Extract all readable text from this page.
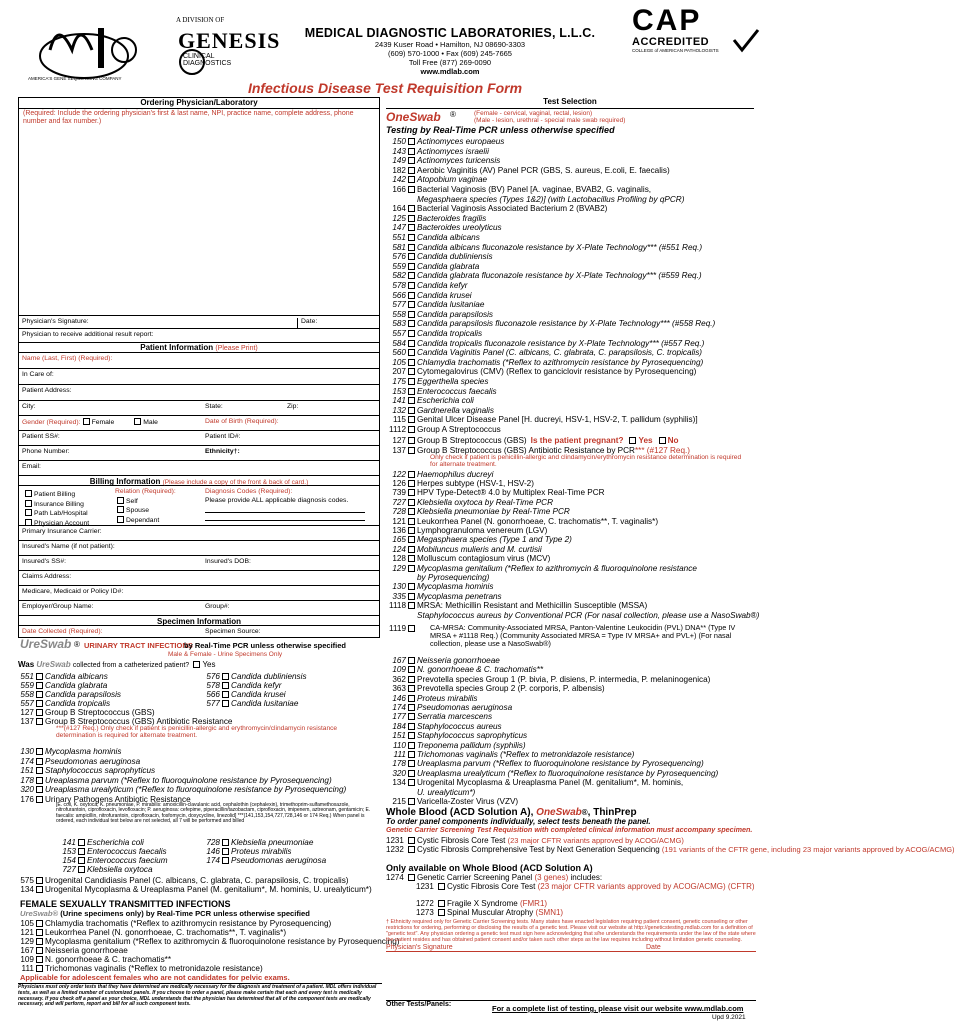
A DIVISION OF
GENESIS
CLINICAL
DIAGNOSTICS
AMERICA'S GENE SEQUENCING COMPANY
MEDICAL DIAGNOSTIC LABORATORIES, L.L.C.
2439 Kuser Road • Hamilton, NJ 08690-3303
(609) 570-1000 • Fax (609) 245-7665
Toll Free (877) 269-0090
www.mdlab.com
CAP
ACCREDITED
COLLEGE of AMERICAN PATHOLOGISTS
Infectious Disease Test Requisition Form
Ordering Physician/Laboratory
(Required: Include the ordering physician's first & last name, NPI, practice name, complete address, phone number and fax number.)
Physician's Signature:	Date:
Physician to receive additional result report:
Patient Information (Please Print)
Name (Last, First) (Required):
In Care of:
Patient Address:
City:	State:	Zip:
Gender (Required): Female	Male	Date of Birth (Required):
Patient SS#:	Patient ID#:
Phone Number:	Ethnicity†:
Email:
Billing Information (Please include a copy of the front & back of card.)
Patient Billing
Insurance Billing
Path Lab/Hospital
Physician Account
Relation (Required):
Self
Spouse
Dependant
Diagnosis Codes (Required):
Please provide ALL applicable diagnosis codes.
Primary Insurance Carrier:
Insured's Name (if not patient):
Insured's SS#:	Insured's DOB:
Claims Address:
Medicare, Medicaid or Policy ID#:
Employer/Group Name:	Group#:
Specimen Information
Date Collected (Required):	Specimen Source:
UreSwab ® URINARY TRACT INFECTIONS
by Real-Time PCR unless otherwise specified
Male & Female - Urine Specimens Only
Was UreSwab collected from a catheterized patient? Yes
551 Candida albicans
559 Candida glabrata
558 Candida parapsilosis
557 Candida tropicalis
127 Group B Streptococcus (GBS)
576 Candida dubliniensis
578 Candida kefyr
566 Candida krusei
577 Candida lusitaniae
137 Group B Streptococcus (GBS) Antibiotic Resistance
***(#127 Req.) Only check if patient is penicillin-allergic and erythromycin/clindamycin resistance determination is required for alternate treatment.
130 Mycoplasma hominis
174 Pseudomonas aeruginosa
151 Staphylococcus saprophyticus
178 Ureaplasma parvum (*Reflex to fluoroquinolone resistance by Pyrosequencing)
320 Ureaplasma urealyticum (*Reflex to fluoroquinolone resistance by Pyrosequencing)
176 Urinary Pathogens Antibiotic Resistance
[E. coli, K. oxytoca, K. pneumoniae, P. mirabilis: amoxicillin-clavulanic acid, cephalothin (cephalexin), trimethoprim-sulfamethoxazole, nitrofurantoin, ciprofloxacin, levofloxacin; P. aeruginosa: cefepime, piperacillin/tazobactam, ciprofloxacin, imipenem, aztreonam, gentamicin; E. faecalis: ampicillin, nitrofurantoin, ciprofloxacin, fosfomycin, doxycycline, linezolid] ***(141,153,154,727,728,146 or 174 Req.) When panel is ordered, each individual test below are not selected, all 7 will be performed and billed
141 Escherichia coli
153 Enterococcus faecalis
154 Enterococcus faecium
727 Klebsiella oxytoca
728 Klebsiella pneumoniae
146 Proteus mirabilis
174 Pseudomonas aeruginosa
575 Urogenital Candidiasis Panel (C. albicans, C. glabrata, C. parapsilosis, C. tropicalis)
134 Urogenital Mycoplasma & Ureaplasma Panel (M. genitalium*, M. hominis, U. urealyticum*)
FEMALE SEXUALLY TRANSMITTED INFECTIONS
UreSwab® (Urine specimens only) by Real-Time PCR unless otherwise specified
105 Chlamydia trachomatis (*Reflex to azithromycin resistance by Pyrosequencing)
121 Leukorrhea Panel (N. gonorrhoeae, C. trachomatis**, T. vaginalis*)
129 Mycoplasma genitalium (*Reflex to azithromycin & fluoroquinolone resistance by Pyrosequencing)
167 Neisseria gonorrhoeae
109 N. gonorrhoeae & C. trachomatis**
111 Trichomonas vaginalis (*Reflex to metronidazole resistance)
Applicable for adolescent females who are not candidates for pelvic exams.
Physicians must only order tests that they have determined are medically necessary for the diagnosis and treatment of a patient. MDL offers individual tests, as well as a limited number of customized panels. If you choose to order a panel, please make certain that each and every test is medically necessary. If you check off a panel as your choice, MDL understands that the physician has determined that all of the component tests are medically necessary, and will perform, report and bill for all such component tests.
Test Selection
OneSwab ®	(Female - cervical, vaginal, rectal, lesion)
(Male - lesion, urethral - special male swab required)
Testing by Real-Time PCR unless otherwise specified
150 Actinomyces europaeus
143 Actinomyces israelii
149 Actinomyces turicensis
182 Aerobic Vaginitis (AV) Panel PCR (GBS, S. aureus, E.coli, E. faecalis)
142 Atopobium vaginae
166 Bacterial Vaginosis (BV) Panel [A. vaginae, BVAB2, G. vaginalis,
Megasphaera species (Types 1&2)] (with Lactobacillus Profiling by qPCR)
164 Bacterial Vaginosis Associated Bacterium 2 (BVAB2)
125 Bacteroides fragilis
147 Bacteroides ureolyticus
551 Candida albicans
581 Candida albicans fluconazole resistance by X-Plate Technology*** (#551 Req.)
576 Candida dubliniensis
559 Candida glabrata
582 Candida glabrata fluconazole resistance by X-Plate Technology*** (#559 Req.)
578 Candida kefyr
566 Candida krusei
577 Candida lusitaniae
558 Candida parapsilosis
583 Candida parapsilosis fluconazole resistance by X-Plate Technology*** (#558 Req.)
557 Candida tropicalis
584 Candida tropicalis fluconazole resistance by X-Plate Technology*** (#557 Req.)
560 Candida Vaginitis Panel (C. albicans, C. glabrata, C. parapsilosis, C. tropicalis)
105 Chlamydia trachomatis (*Reflex to azithromycin resistance by Pyrosequencing)
207 Cytomegalovirus (CMV) (Reflex to ganciclovir resistance by Pyrosequencing)
175 Eggerthella species
153 Enterococcus faecalis
141 Escherichia coli
132 Gardnerella vaginalis
115 Genital Ulcer Disease Panel [H. ducreyi, HSV-1, HSV-2, T. pallidum (syphilis)]
1112 Group A Streptococcus
127 Group B Streptococcus (GBS) Is the patient pregnant? Yes No
137 Group B Streptococcus (GBS) Antibiotic Resistance by PCR*** (#127 Req.)
Only check if patient is penicillin-allergic and clindamycin/erythromycin resistance determination is required for alternate treatment.
122 Haemophilus ducreyi
126 Herpes subtype (HSV-1, HSV-2)
739 HPV Type-Detect® 4.0 by Multiplex Real-Time PCR
727 Klebsiella oxytoca by Real-Time PCR
728 Klebsiella pneumoniae by Real-Time PCR
121 Leukorrhea Panel (N. gonorrhoeae, C. trachomatis**, T. vaginalis*)
136 Lymphogranuloma venereum (LGV)
165 Megasphaera species (Type 1 and Type 2)
124 Mobiluncus mulieris and M. curtisii
128 Molluscum contagiosum virus (MCV)
129 Mycoplasma genitalium (*Reflex to azithromycin & fluoroquinolone resistance
by Pyrosequencing)
130 Mycoplasma hominis
335 Mycoplasma penetrans
1118 MRSA: Methicillin Resistant and Methicillin Susceptible (MSSA)
Staphylococcus aureus by Conventional PCR (For nasal collection, please use a NasoSwab®)
1119	CA-MRSA: Community-Associated MRSA, Panton-Valentine Leukocidin (PVL) DNA** (Type IV MRSA + #1118 Req.) (Community Associated MRSA = Type IV MRSA+ and PVL+) (For nasal collection, please use a NasoSwab®)
167 Neisseria gonorrhoeae
109 N. gonorrhoeae & C. trachomatis**
362 Prevotella species Group 1 (P. bivia, P. disiens, P. intermedia, P. melaninogenica)
363 Prevotella species Group 2 (P. corporis, P. albensis)
146 Proteus mirabilis
174 Pseudomonas aeruginosa
177 Serratia marcescens
184 Staphylococcus aureus
151 Staphylococcus saprophyticus
110 Treponema pallidum (syphilis)
111 Trichomonas vaginalis (*Reflex to metronidazole resistance)
178 Ureaplasma parvum (*Reflex to fluoroquinolone resistance by Pyrosequencing)
320 Ureaplasma urealyticum (*Reflex to fluoroquinolone resistance by Pyrosequencing)
134 Urogenital Mycoplasma & Ureaplasma Panel (M. genitalium*, M. hominis,
U. urealyticum*)
215 Varicella-Zoster Virus (VZV)
Whole Blood (ACD Solution A), OneSwab®, ThinPrep
To order panel components individually, select tests beneath the panel.
Genetic Carrier Screening Test Requisition with completed clinical information must accompany specimen.
1231 Cystic Fibrosis Core Test (23 major CFTR variants approved by ACOG/ACMG)
1232 Cystic Fibrosis Comprehensive Test by Next Generation Sequencing (191 variants of the CFTR gene, including 23 major variants approved by ACOG/ACMG)
Only available on Whole Blood (ACD Solution A)
1274 Genetic Carrier Screening Panel (3 genes) includes:
1231 Cystic Fibrosis Core Test (23 major CFTR variants approved by ACOG/ACMG) (CFTR)
1272 Fragile X Syndrome (FMR1)
1273 Spinal Muscular Atrophy (SMN1)
† Ethnicity required only for Genetic Carrier Screening tests. Many states have enacted legislation requiring patient consent, genetic counseling or other restrictions for ordering, performing or disclosing the results of a genetic test. Please visit our website at http://geneticstesting.mdlab.com for a definition of "genetic test". Any physician ordering a genetic test must sign here acknowledging that s/he understands the requirements under the law of the state where the patient resides and has obtained patient consent and/or taken such other steps as the law requires including without limitation genetic counseling.
Physician's Signature	Date
Other Tests/Panels:	For a complete list of testing, please visit our website www.mdlab.com
Upd 9.2021
